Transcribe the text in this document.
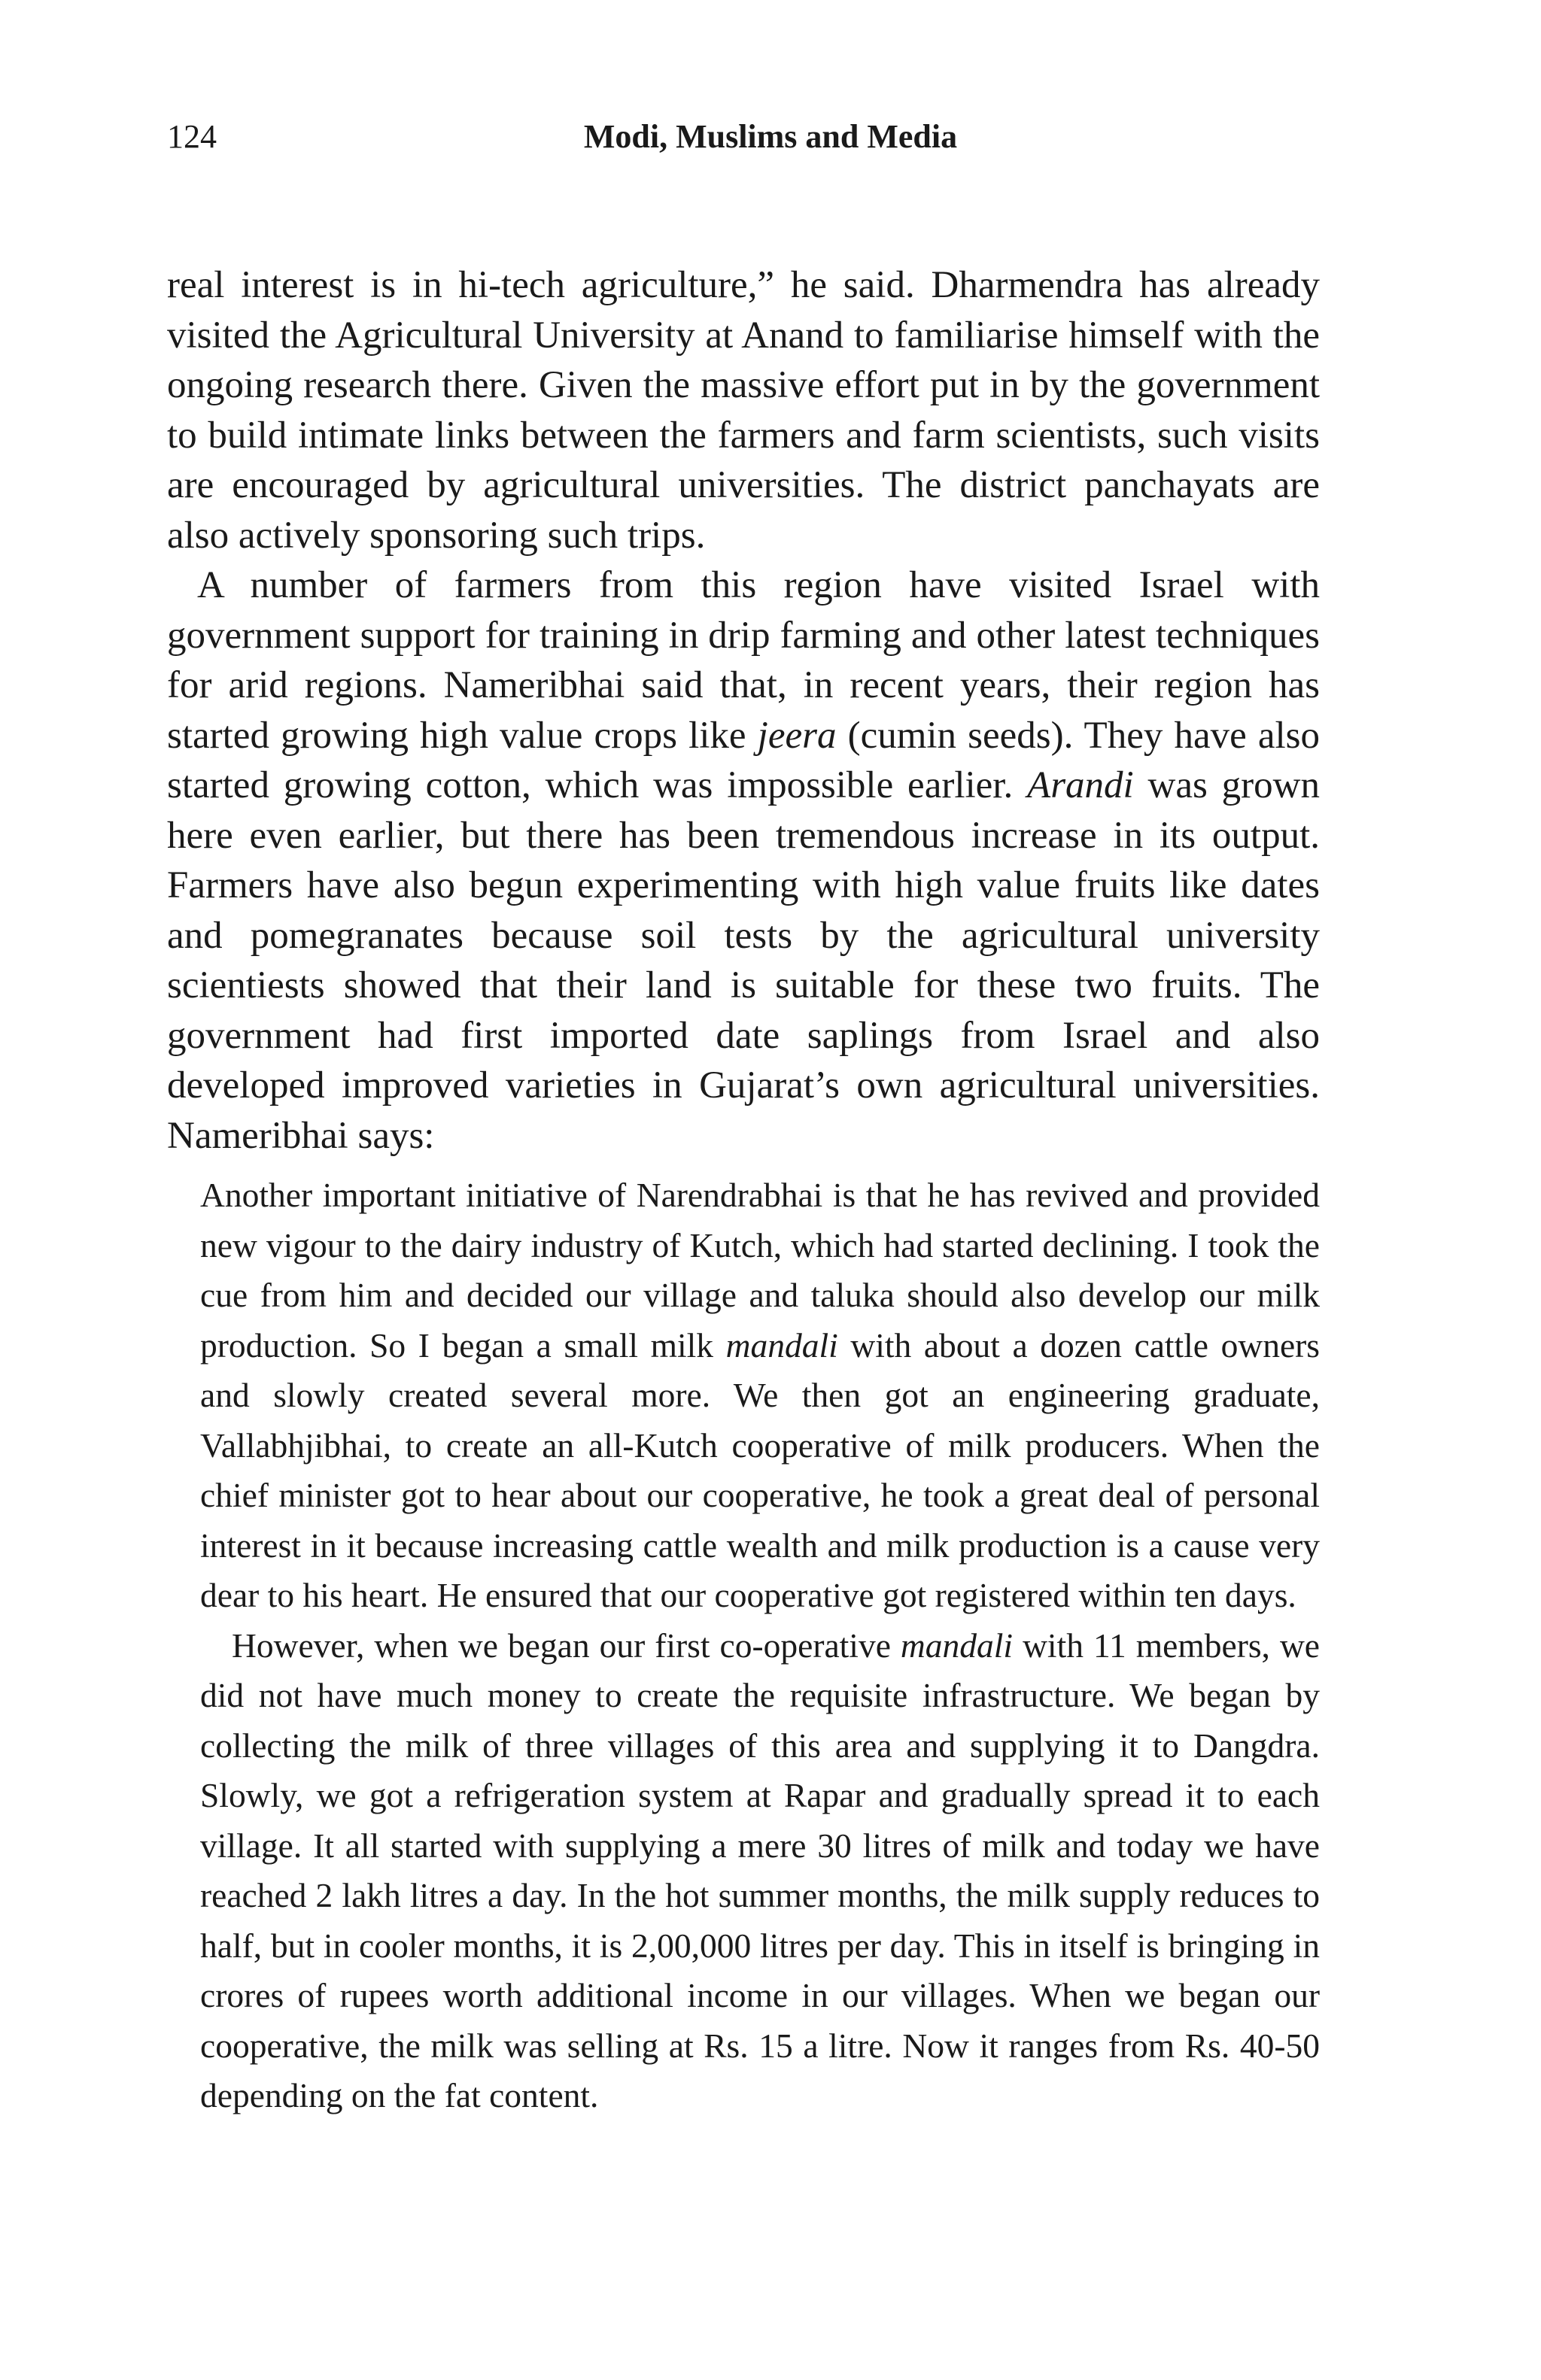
124	Modi, Muslims and Media

real interest is in hi-tech agriculture,” he said. Dharmendra has already visited the Agricultural University at Anand to familiarise himself with the ongoing research there. Given the massive effort put in by the government to build intimate links between the farmers and farm scientists, such visits are encouraged by agricultural universities. The district panchayats are also actively sponsoring such trips.

A number of farmers from this region have visited Israel with government support for training in drip farming and other latest techniques for arid regions. Nameribhai said that, in recent years, their region has started growing high value crops like jeera (cumin seeds). They have also started growing cotton, which was impossible earlier. Arandi was grown here even earlier, but there has been tremendous increase in its output. Farmers have also begun experimenting with high value fruits like dates and pomegranates because soil tests by the agricultural university scientiests showed that their land is suitable for these two fruits. The government had first imported date saplings from Israel and also developed improved varieties in Gujarat’s own agricultural universities. Nameribhai says:

Another important initiative of Narendrabhai is that he has revived and provided new vigour to the dairy industry of Kutch, which had started declining. I took the cue from him and decided our village and taluka should also develop our milk production. So I began a small milk mandali with about a dozen cattle owners and slowly created several more. We then got an engineering graduate, Vallabhjibhai, to create an all-Kutch cooperative of milk producers. When the chief minister got to hear about our cooperative, he took a great deal of personal interest in it because increasing cattle wealth and milk production is a cause very dear to his heart. He ensured that our cooperative got registered within ten days.

However, when we began our first co-operative mandali with 11 members, we did not have much money to create the requisite infrastructure. We began by collecting the milk of three villages of this area and supplying it to Dangdra. Slowly, we got a refrigeration system at Rapar and gradually spread it to each village. It all started with supplying a mere 30 litres of milk and today we have reached 2 lakh litres a day. In the hot summer months, the milk supply reduces to half, but in cooler months, it is 2,00,000 litres per day. This in itself is bringing in crores of rupees worth additional income in our villages. When we began our cooperative, the milk was selling at Rs. 15 a litre. Now it ranges from Rs. 40-50 depending on the fat content.
